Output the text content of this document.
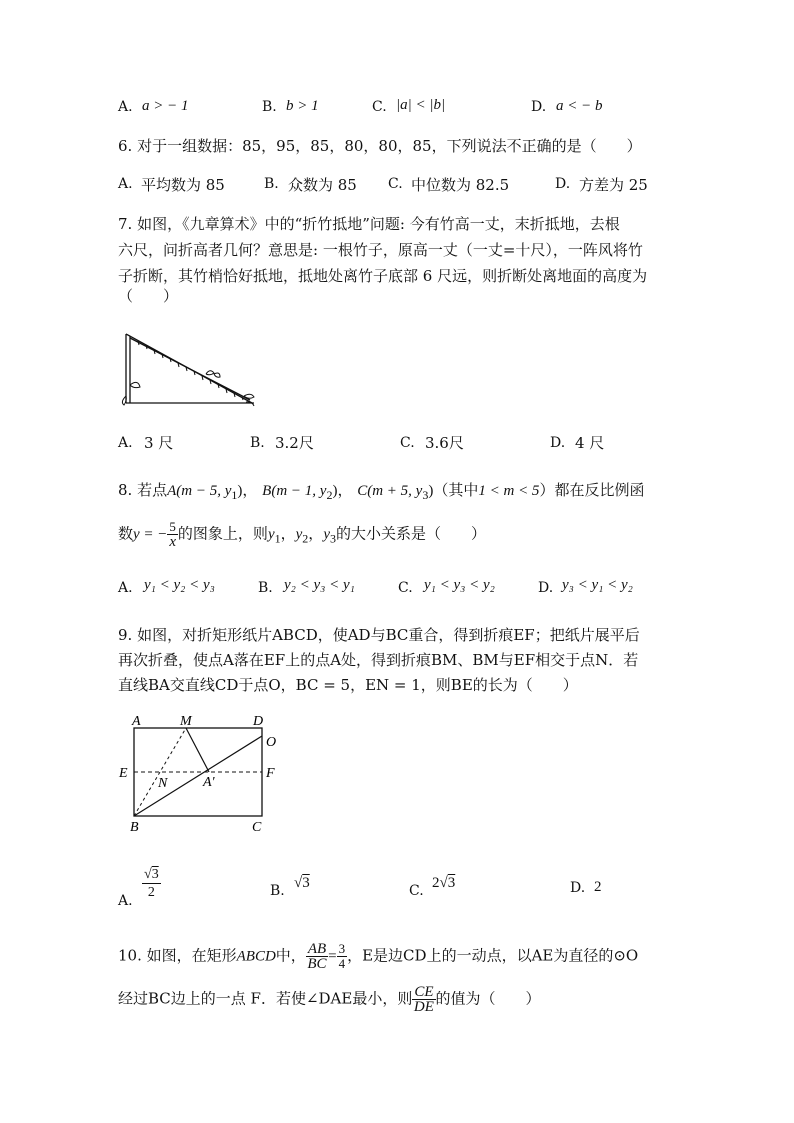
A. a > − 1	B. b > 1	C. |a| < |b|	D. a < − b
6. 对于一组数据：85，95，85，80，80，85，下列说法不正确的是（　　）
A. 平均数为 85	B. 众数为 85 C. 中位数为 82.5	D. 方差为 25
7. 如图，《九章算术》中的“折竹抵地”问题: 今有竹高一丈，末折抵地，去根
六尺，问折高者几何？意思是: 一根竹子，原高一丈（一丈=十尺），一阵风将竹
子折断，其竹梢恰好抵地，抵地处离竹子底部 6 尺远，则折断处离地面的高度为
（　　）
A. 3 尺	B. 3.2尺	C. 3.6尺	D. 4 尺
8. 若点A(m − 5, $y_1$)， B(m − 1, $y_2$)， C(m + 5, $y_3$)（其中1 < m < 5）都在反比例函
数y = − $\frac{5}{x}$ 的图象上，则$y_1$，$y_2$，$y_3$的大小关系是（　　）
A. y₁ < y₂ < y₃	B. y₂ < y₃ < y₁	C. y₁ < y₃ < y₂	D. y₃ < y₁ < y₂
9. 如图，对折矩形纸片ABCD，使AD与BC重合，得到折痕EF；把纸片展平后
再次折叠，使点A落在EF上的点A处，得到折痕BM、BM与EF相交于点N．若
直线BA交直线CD于点O，BC = 5，EN = 1，则BE的长为（　　）
A	M	D
O
E	F
N	A'
B	C
A. $\frac{√3}{2}$	B. √3	C. 2√3	D. 2
10. 如图，在矩形ABCD中， $\frac{AB}{BC} = \frac{3}{4}$ ，E是边CD上的一动点，以AE为直径的⊙O
经过BC边上的一点 F．若使∠DAE最小，则 $\frac{CE}{DE}$ 的值为（　　）
